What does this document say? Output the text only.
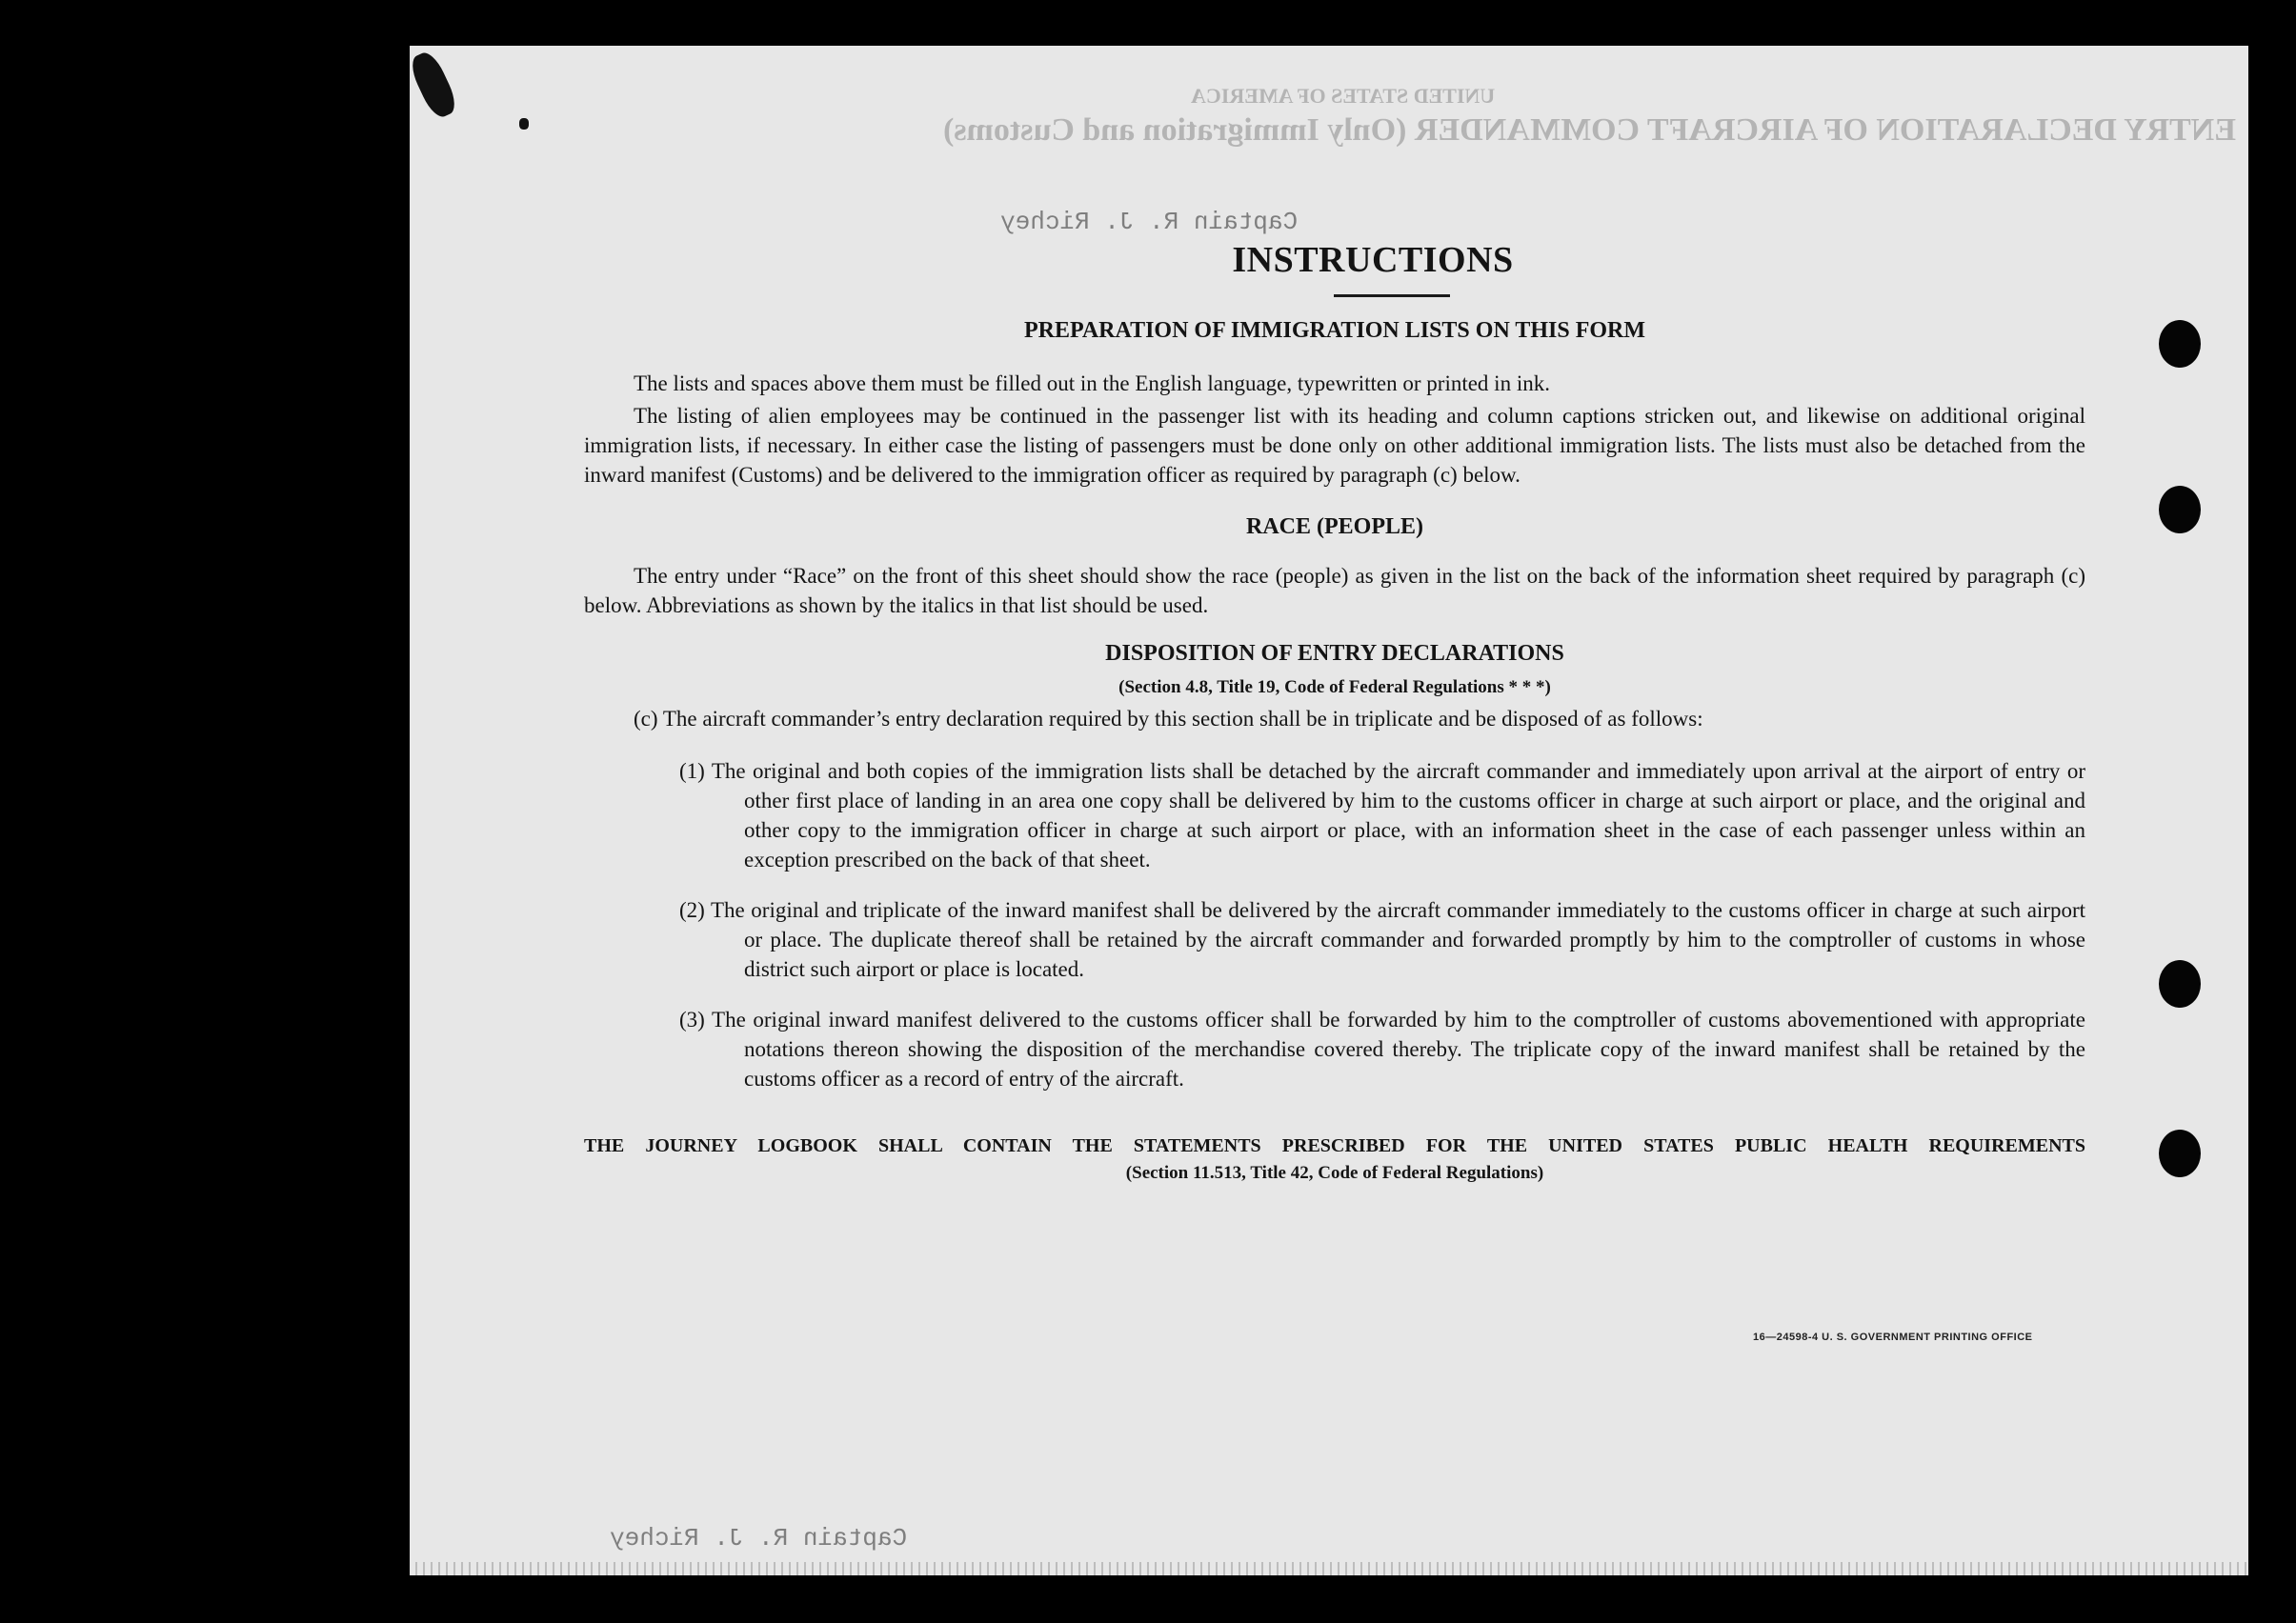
UNITED STATES OF AMERICA
ENTRY DECLARATION OF AIRCRAFT COMMANDER (Only Immigration and Customs)
Captain R. J. Richey
Captain R. J. Richey
INSTRUCTIONS
PREPARATION OF IMMIGRATION LISTS ON THIS FORM

The lists and spaces above them must be filled out in the English language, typewritten or printed in ink.

The listing of alien employees may be continued in the passenger list with its heading and column captions stricken out, and likewise on additional original immigration lists, if necessary. In either case the listing of passengers must be done only on other additional immigration lists. The lists must also be detached from the inward manifest (Customs) and be delivered to the immigration officer as required by paragraph (c) below.

RACE (PEOPLE)

The entry under “Race” on the front of this sheet should show the race (people) as given in the list on the back of the information sheet required by paragraph (c) below. Abbreviations as shown by the italics in that list should be used.

DISPOSITION OF ENTRY DECLARATIONS
(Section 4.8, Title 19, Code of Federal Regulations * * *)

(c) The aircraft commander’s entry declaration required by this section shall be in triplicate and be disposed of as follows:

(1) The original and both copies of the immigration lists shall be detached by the aircraft commander and immediately upon arrival at the airport of entry or other first place of landing in an area one copy shall be delivered by him to the customs officer in charge at such airport or place, and the original and other copy to the immigration officer in charge at such airport or place, with an information sheet in the case of each passenger unless within an exception prescribed on the back of that sheet.

(2) The original and triplicate of the inward manifest shall be delivered by the aircraft commander immediately to the customs officer in charge at such airport or place. The duplicate thereof shall be retained by the aircraft commander and forwarded promptly by him to the comptroller of customs in whose district such airport or place is located.

(3) The original inward manifest delivered to the customs officer shall be forwarded by him to the comptroller of customs abovementioned with appropriate notations thereon showing the disposition of the merchandise covered thereby. The triplicate copy of the inward manifest shall be retained by the customs officer as a record of entry of the aircraft.

THE JOURNEY LOGBOOK SHALL CONTAIN THE STATEMENTS PRESCRIBED FOR THE UNITED STATES PUBLIC HEALTH REQUIREMENTS

(Section 11.513, Title 42, Code of Federal Regulations)
16—24598-4 U. S. GOVERNMENT PRINTING OFFICE
